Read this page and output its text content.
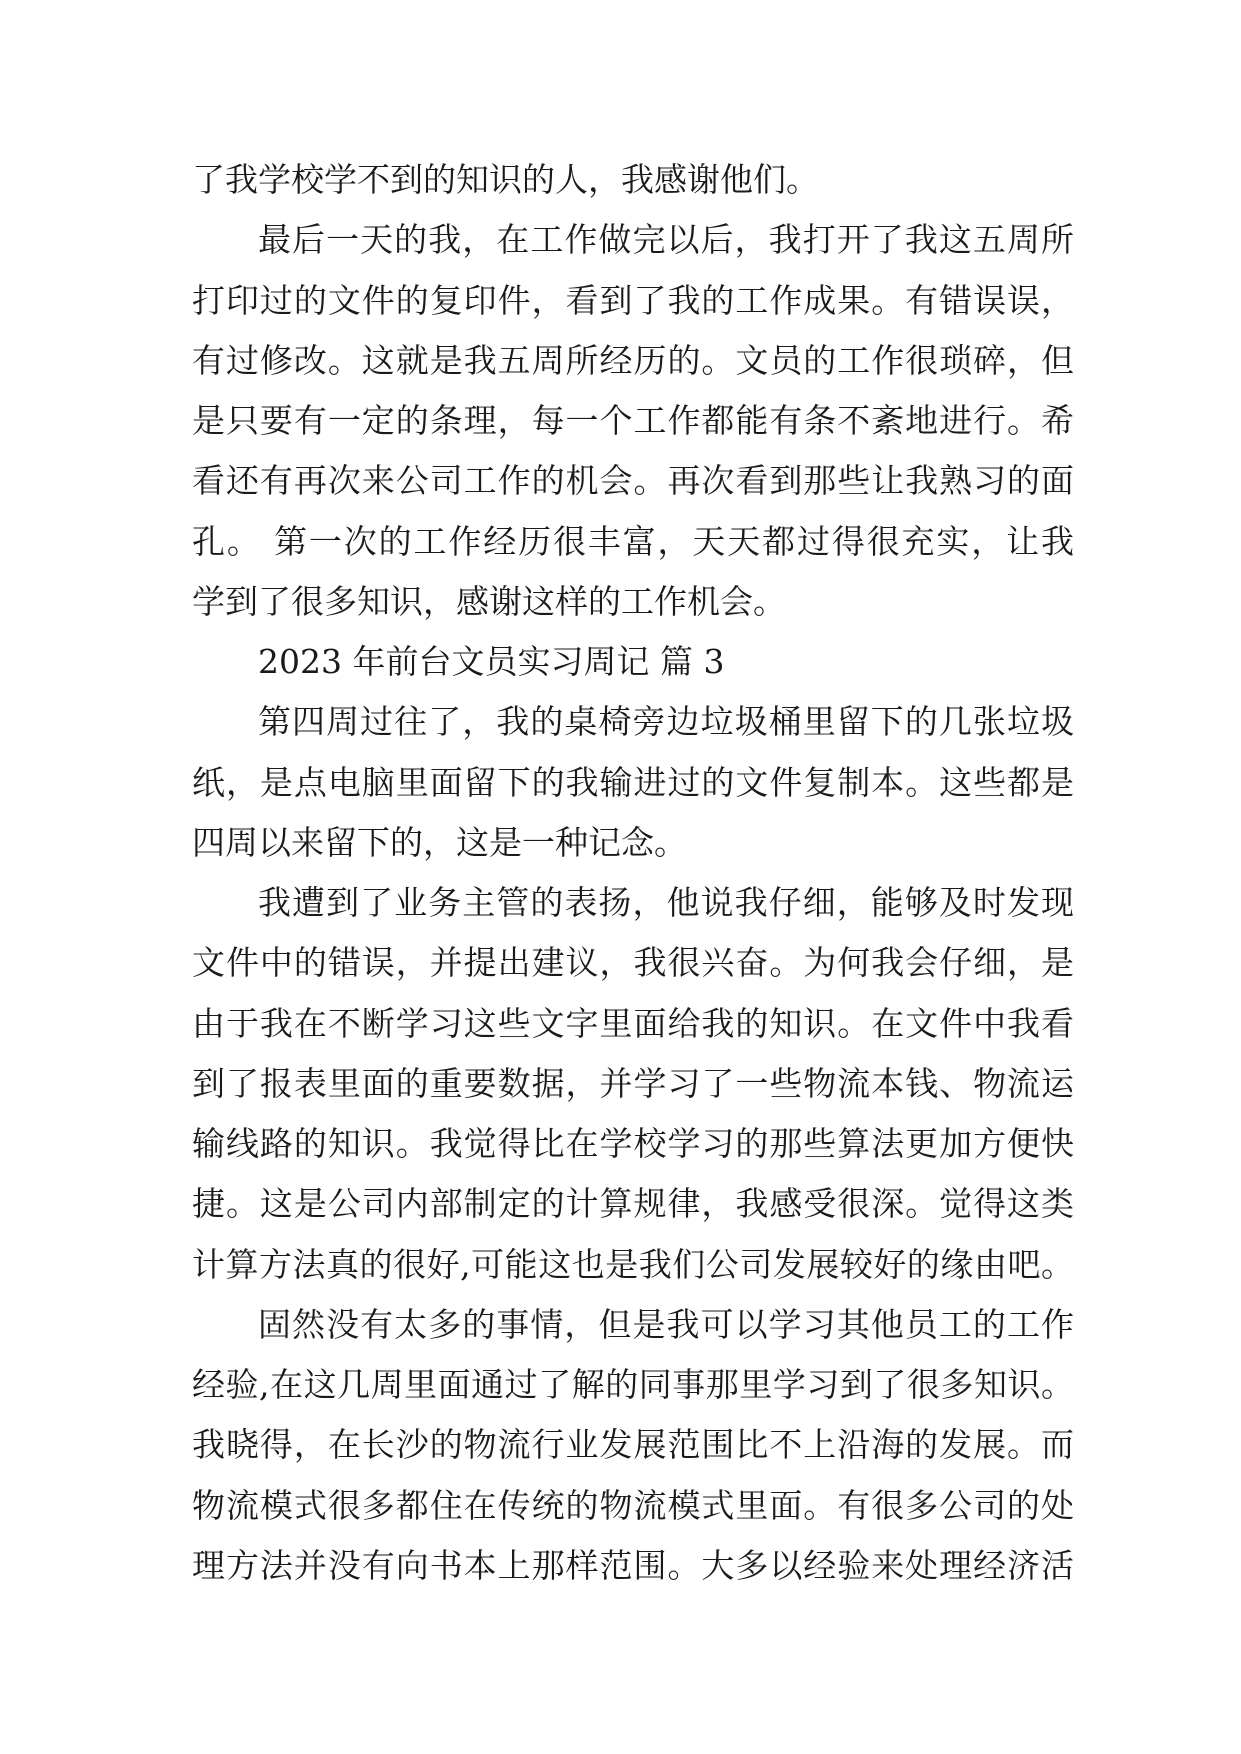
了我学校学不到的知识的人，我感谢他们。
最后一天的我，在工作做完以后，我打开了我这五周所
打印过的文件的复印件，看到了我的工作成果。有错误误，
有过修改。这就是我五周所经历的。文员的工作很琐碎，但
是只要有一定的条理，每一个工作都能有条不紊地进行。希
看还有再次来公司工作的机会。再次看到那些让我熟习的面
孔。 第一次的工作经历很丰富，天天都过得很充实，让我
学到了很多知识，感谢这样的工作机会。
2023 年前台文员实习周记 篇 3
第四周过往了，我的桌椅旁边垃圾桶里留下的几张垃圾
纸，是点电脑里面留下的我输进过的文件复制本。这些都是
四周以来留下的，这是一种记念。
我遭到了业务主管的表扬，他说我仔细，能够及时发现
文件中的错误，并提出建议，我很兴奋。为何我会仔细，是
由于我在不断学习这些文字里面给我的知识。在文件中我看
到了报表里面的重要数据，并学习了一些物流本钱、物流运
输线路的知识。我觉得比在学校学习的那些算法更加方便快
捷。这是公司内部制定的计算规律，我感受很深。觉得这类
计算方法真的很好,可能这也是我们公司发展较好的缘由吧。
固然没有太多的事情，但是我可以学习其他员工的工作
经验,在这几周里面通过了解的同事那里学习到了很多知识。
我晓得，在长沙的物流行业发展范围比不上沿海的发展。而
物流模式很多都住在传统的物流模式里面。有很多公司的处
理方法并没有向书本上那样范围。大多以经验来处理经济活
